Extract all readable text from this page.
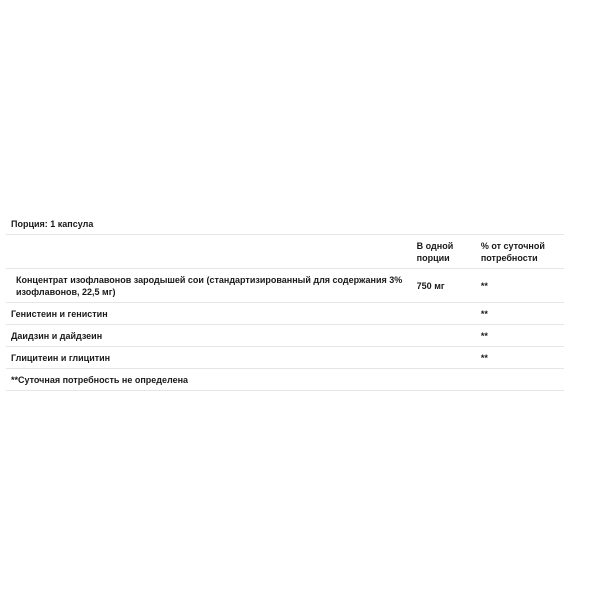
Порция: 1 капсула		
	В одной порции	% от суточной потребности
Концентрат изофлавонов зародышей сои (стандартизированный для содержания 3% изофлавонов, 22,5 мг)	750 мг	**
Генистеин и генистин		**
Даидзин и дайдзеин		**
Глицитеин и глицитин		**
**Суточная потребность не определена		
